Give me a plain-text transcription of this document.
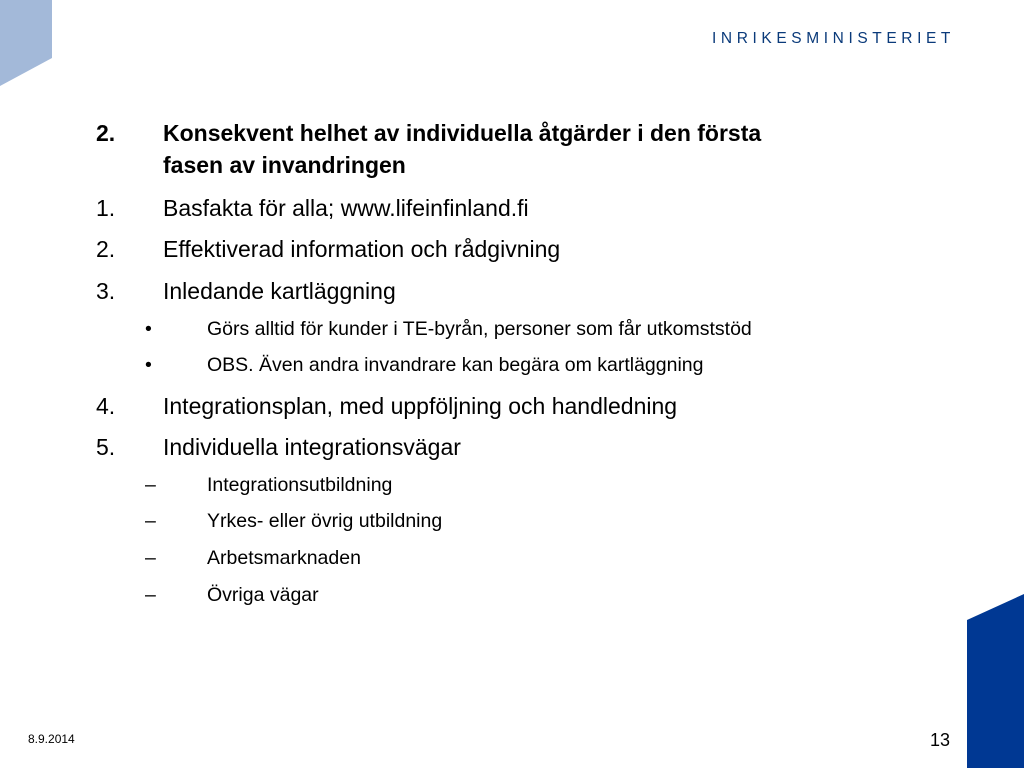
INRIKESMINISTERIET
2. Konsekvent helhet av individuella åtgärder i den första
fasen av invandringen
1. Basfakta för alla; www.lifeinfinland.fi
2. Effektiverad information och rådgivning
3. Inledande kartläggning
•	Görs alltid för kunder i TE-byrån, personer som får utkomststöd
•	OBS. Även andra invandrare kan begära om kartläggning
4. Integrationsplan, med uppföljning och handledning
5. Individuella integrationsvägar
–	Integrationsutbildning
–	Yrkes- eller övrig utbildning
–	Arbetsmarknaden
–	Övriga vägar
8.9.2014	13
